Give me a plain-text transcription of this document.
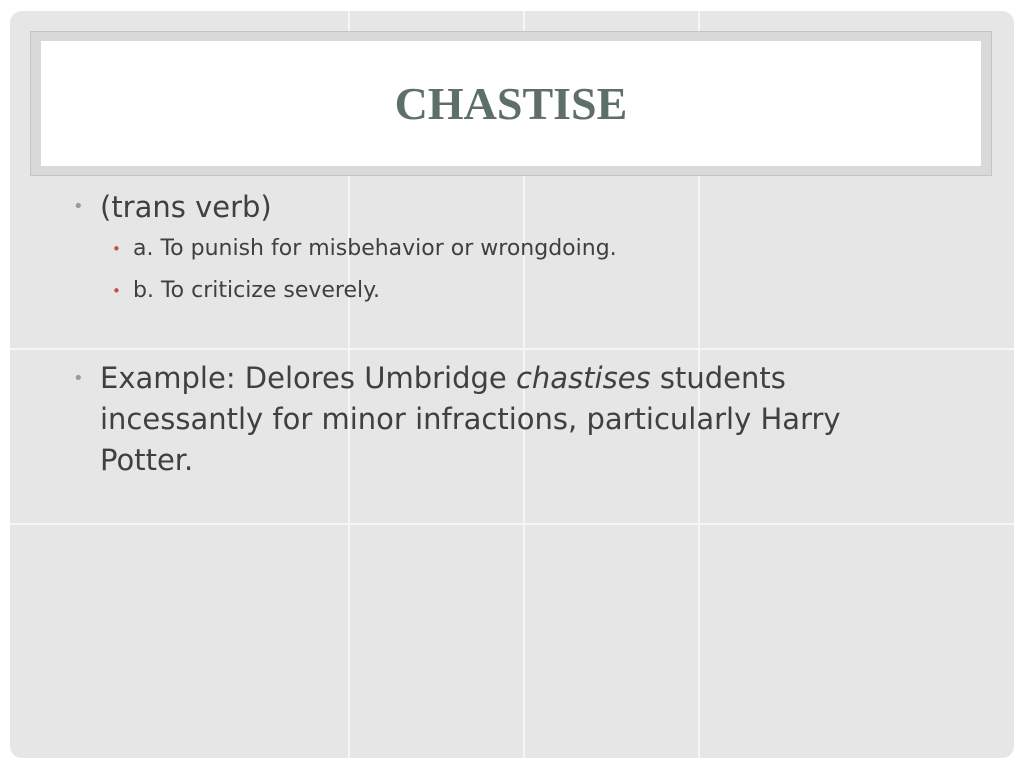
CHASTISE
• (trans verb)
• a. To punish for misbehavior or wrongdoing.
• b. To criticize severely.
• Example: Delores Umbridge chastises students incessantly for minor infractions, particularly Harry Potter.
